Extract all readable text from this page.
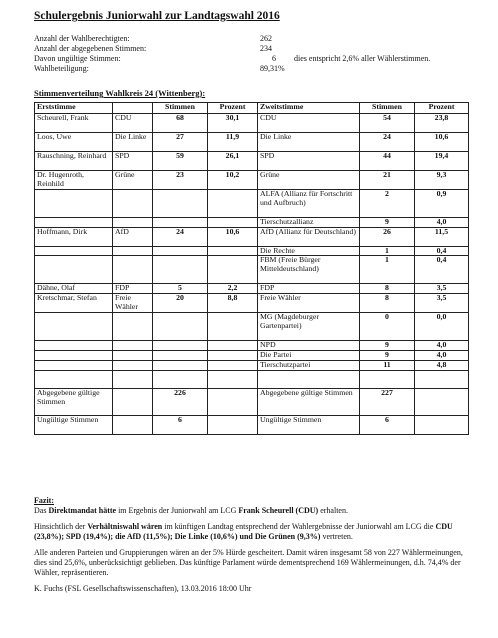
Schulergebnis Juniorwahl zur Landtagswahl 2016
Anzahl der Wahlberechtigten:	262
Anzahl der abgegebenen Stimmen:	234
Davon ungültige Stimmen:	6 dies entspricht 2,6% aller Wählerstimmen.
Wahlbeteiligung:	89,31%
Stimmenverteilung Wahlkreis 24 (Wittenberg):
Erststimme		Stimmen	Prozent	Zweitstimme	Stimmen	Prozent
Scheurell, Frank	CDU	68	30,1	CDU	54	23,8
Loos, Uwe	Die Linke	27	11,9	Die Linke	24	10,6
Rauschning, Reinhard	SPD	59	26,1	SPD	44	19,4
Dr. Hugenroth, Reinhild	Grüne	23	10,2	Grüne	21	9,3
				ALFA (Allianz für Fortschritt und Aufbruch)	2	0,9
				Tierschutzallianz	9	4,0
Hoffmann, Dirk	AfD	24	10,6	AfD (Allianz für Deutschland)	26	11,5
				Die Rechte	1	0,4
				FBM (Freie Bürger Mitteldeutschland)	1	0,4
Dähne, Olaf	FDP	5	2,2	FDP	8	3,5
Kretschmar, Stefan	Freie Wähler	20	8,8	Freie Wähler	8	3,5
				MG (Magdeburger Gartenpartei)	0	0,0
				NPD	9	4,0
				Die Partei	9	4,0
				Tierschutzpartei	11	4,8

Abgegebene gültige Stimmen		226		Abgegebene gültige Stimmen	227	
Ungültige Stimmen		6		Ungültige Stimmen	6	

Fazit:

Das Direktmandat hätte im Ergebnis der Juniorwahl am LCG Frank Scheurell (CDU) erhalten.

Hinsichtlich der Verhältniswahl wären im künftigen Landtag entsprechend der Wahlergebnisse der Juniorwahl am LCG die CDU (23,8%); SPD (19,4%); die AfD (11,5%); Die Linke (10,6%) und Die Grünen (9,3%) vertreten.

Alle anderen Parteien und Gruppierungen wären an der 5% Hürde gescheitert. Damit wären insgesamt 58 von 227 Wählermeinungen, dies sind 25,6%, unberücksichtigt geblieben. Das künftige Parlament würde dementsprechend 169 Wählermeinungen, d.h. 74,4% der Wähler, repräsentieren.

K. Fuchs (FSL Gesellschaftswissenschaften), 13.03.2016 18:00 Uhr
